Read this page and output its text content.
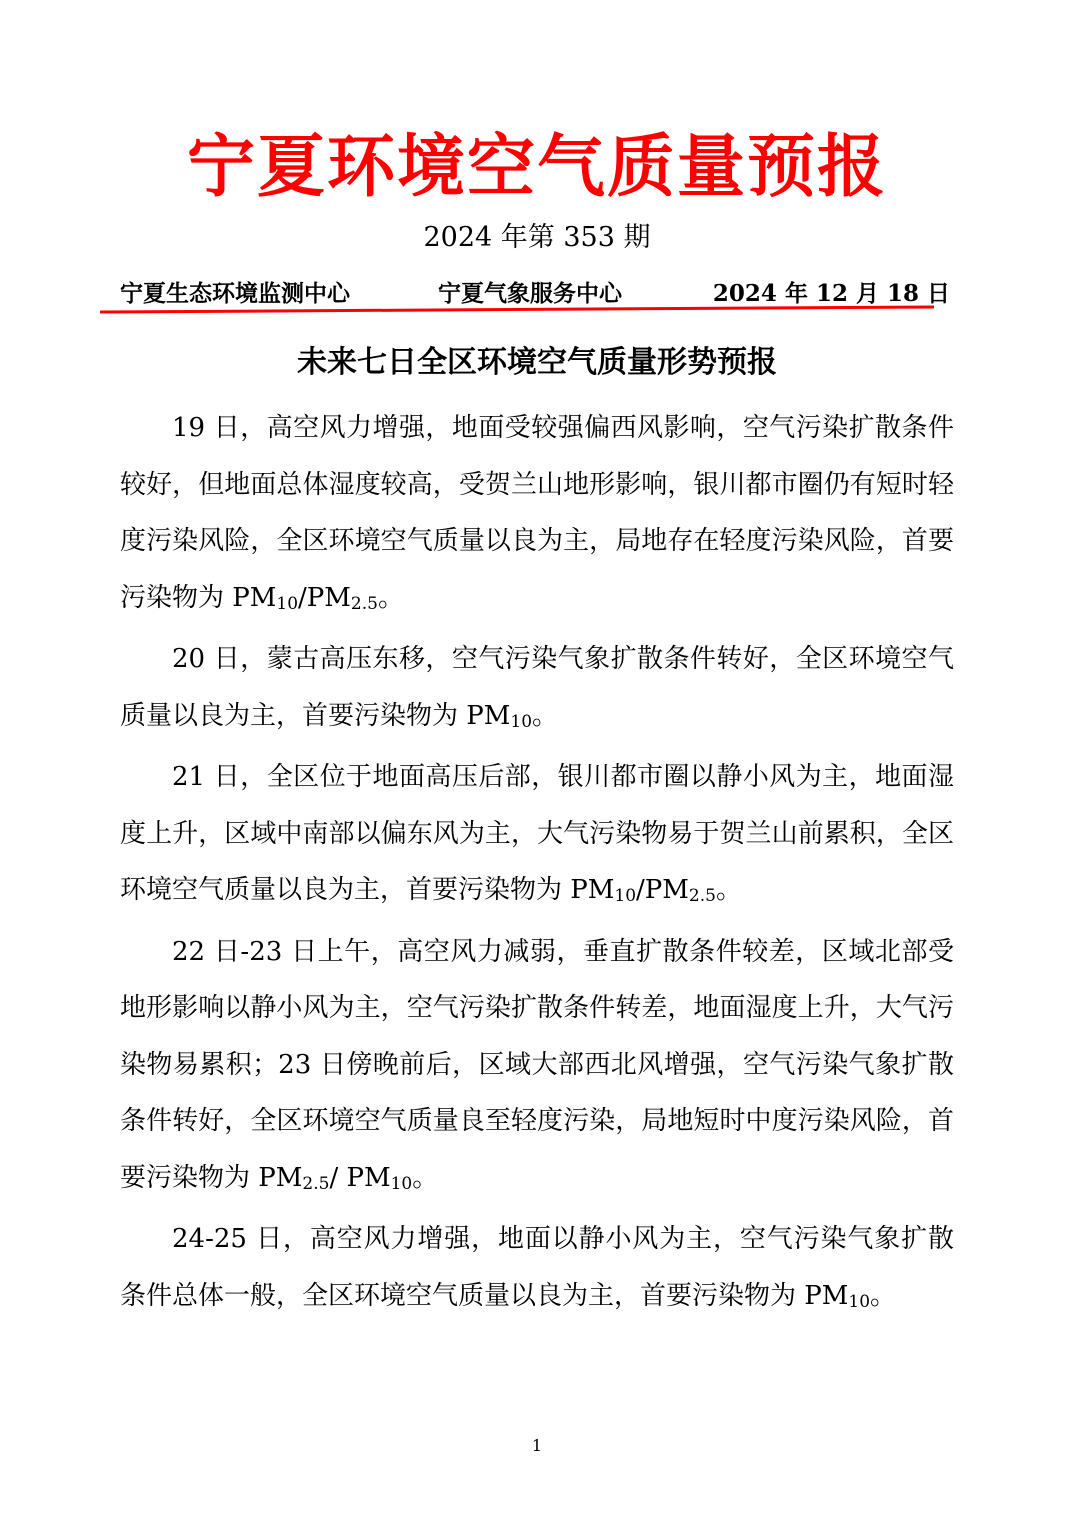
宁夏环境空气质量预报
2024 年第 353 期
宁夏生态环境监测中心	宁夏气象服务中心	2024 年 12 月 18 日
未来七日全区环境空气质量形势预报

19 日，高空风力增强，地面受较强偏西风影响，空气污染扩散条件较好，但地面总体湿度较高，受贺兰山地形影响，银川都市圈仍有短时轻度污染风险，全区环境空气质量以良为主，局地存在轻度污染风险，首要污染物为 $PM_{10}/PM_{2.5}$。

20 日，蒙古高压东移，空气污染气象扩散条件转好，全区环境空气质量以良为主，首要污染物为 $PM_{10}$。

21 日，全区位于地面高压后部，银川都市圈以静小风为主，地面湿度上升，区域中南部以偏东风为主，大气污染物易于贺兰山前累积，全区环境空气质量以良为主，首要污染物为 $PM_{10}/PM_{2.5}$。

22 日-23 日上午，高空风力减弱，垂直扩散条件较差，区域北部受地形影响以静小风为主，空气污染扩散条件转差，地面湿度上升，大气污染物易累积；23 日傍晚前后，区域大部西北风增强，空气污染气象扩散条件转好，全区环境空气质量良至轻度污染，局地短时中度污染风险，首要污染物为 $PM_{2.5}/$ $PM_{10}$。

24-25 日，高空风力增强，地面以静小风为主，空气污染气象扩散条件总体一般，全区环境空气质量以良为主，首要污染物为 $PM_{10}$。

1
